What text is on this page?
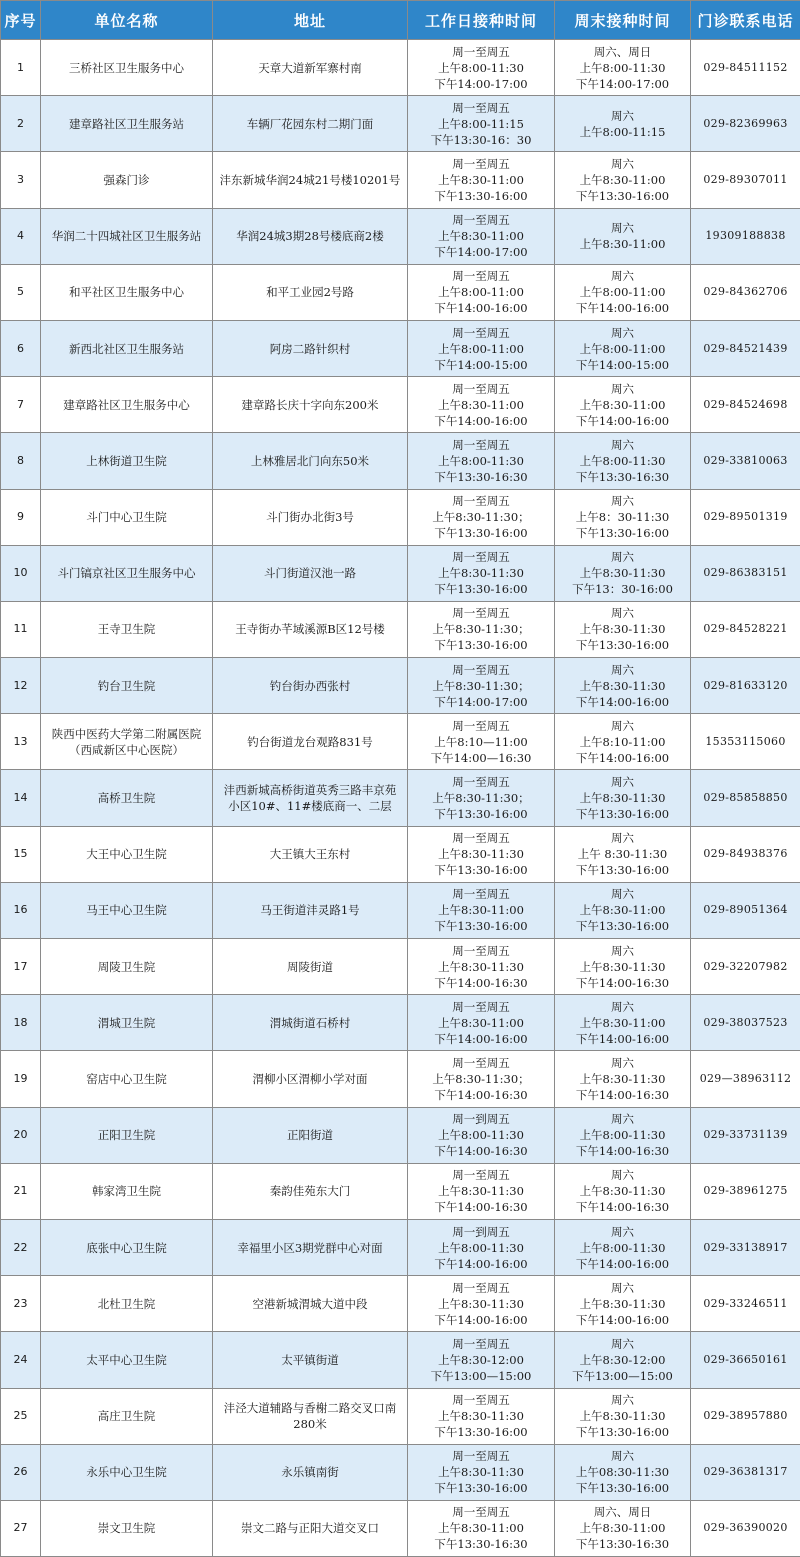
序号	单位名称	地址	工作日接种时间	周末接种时间	门诊联系电话
1	三桥社区卫生服务中心	天章大道新军寨村南	周一至周五
上午8:00-11:30
下午14:00-17:00	周六、周日
上午8:00-11:30
下午14:00-17:00	029-84511152
2	建章路社区卫生服务站	车辆厂花园东村二期门面	周一至周五
上午8:00-11:15
下午13:30-16：30	周六
上午8:00-11:15	029-82369963
3	强森门诊	沣东新城华润24城21号楼10201号	周一至周五
上午8:30-11:00
下午13:30-16:00	周六
上午8:30-11:00
下午13:30-16:00	029-89307011
4	华润二十四城社区卫生服务站	华润24城3期28号楼底商2楼	周一至周五
上午8:30-11:00
下午14:00-17:00	周六
上午8:30-11:00	19309188838
5	和平社区卫生服务中心	和平工业园2号路	周一至周五
上午8:00-11:00
下午14:00-16:00	周六
上午8:00-11:00
下午14:00-16:00	029-84362706
6	新西北社区卫生服务站	阿房二路针织村	周一至周五
上午8:00-11:00
下午14:00-15:00	周六
上午8:00-11:00
下午14:00-15:00	029-84521439
7	建章路社区卫生服务中心	建章路长庆十字向东200米	周一至周五
上午8:30-11:00
下午14:00-16:00	周六
上午8:30-11:00
下午14:00-16:00	029-84524698
8	上林街道卫生院	上林雅居北门向东50米	周一至周五
上午8:00-11:30
下午13:30-16:30	周六
上午8:00-11:30
下午13:30-16:30	029-33810063
9	斗门中心卫生院	斗门街办北街3号	周一至周五
上午8:30-11:30；
下午13:30-16:00	周六
上午8：30-11:30
下午13:30-16:00	029-89501319
10	斗门镐京社区卫生服务中心	斗门街道汉池一路	周一至周五
上午8:30-11:30
下午13:30-16:00	周六
上午8:30-11:30
下午13：30-16:00	029-86383151
11	王寺卫生院	王寺街办芊域溪源B区12号楼	周一至周五
上午8:30-11:30；
下午13:30-16:00	周六
上午8:30-11:30
下午13:30-16:00	029-84528221
12	钓台卫生院	钓台街办西张村	周一至周五
上午8:30-11:30；
下午14:00-17:00	周六
上午8:30-11:30
下午14:00-16:00	029-81633120
13	陕西中医药大学第二附属医院
（西咸新区中心医院）	钓台街道龙台观路831号	周一至周五
上午8:10—11:00
下午14:00—16:30	周六
上午8:10-11:00
下午14:00-16:00	15353115060
14	高桥卫生院	沣西新城高桥街道英秀三路丰京苑
小区10#、11#楼底商一、二层	周一至周五
上午8:30-11:30；
下午13:30-16:00	周六
上午8:30-11:30
下午13:30-16:00	029-85858850
15	大王中心卫生院	大王镇大王东村	周一至周五
上午8:30-11:30
下午13:30-16:00	周六
上午 8:30-11:30
下午13:30-16:00	029-84938376
16	马王中心卫生院	马王街道沣灵路1号	周一至周五
上午8:30-11:00
下午13:30-16:00	周六
上午8:30-11:00
下午13:30-16:00	029-89051364
17	周陵卫生院	周陵街道	周一至周五
上午8:30-11:30
下午14:00-16:30	周六
上午8:30-11:30
下午14:00-16:30	029-32207982
18	渭城卫生院	渭城街道石桥村	周一至周五
上午8:30-11:00
下午14:00-16:00	周六
上午8:30-11:00
下午14:00-16:00	029-38037523
19	窑店中心卫生院	渭柳小区渭柳小学对面	周一至周五
上午8:30-11:30；
下午14:00-16:30	周六
上午8:30-11:30
下午14:00-16:30	029—38963112
20	正阳卫生院	正阳街道	周一到周五
上午8:00-11:30
下午14:00-16:30	周六
上午8:00-11:30
下午14:00-16:30	029-33731139
21	韩家湾卫生院	秦韵佳苑东大门	周一至周五
上午8:30-11:30
下午14:00-16:30	周六
上午8:30-11:30
下午14:00-16:30	029-38961275
22	底张中心卫生院	幸福里小区3期党群中心对面	周一到周五
上午8:00-11:30
下午14:00-16:00	周六
上午8:00-11:30
下午14:00-16:00	029-33138917
23	北杜卫生院	空港新城渭城大道中段	周一至周五
上午8:30-11:30
下午14:00-16:00	周六
上午8:30-11:30
下午14:00-16:00	029-33246511
24	太平中心卫生院	太平镇街道	周一至周五
上午8:30-12:00
下午13:00—15:00	周六
上午8:30-12:00
下午13:00—15:00	029-36650161
25	高庄卫生院	沣泾大道辅路与香榭二路交叉口南
280米	周一至周五
上午8:30-11:30
下午13:30-16:00	周六
上午8:30-11:30
下午13:30-16:00	029-38957880
26	永乐中心卫生院	永乐镇南街	周一至周五
上午8:30-11:30
下午13:30-16:00	周六
上午08:30-11:30
下午13:30-16:00	029-36381317
27	崇文卫生院	崇文二路与正阳大道交叉口	周一至周五
上午8:30-11:00
下午13:30-16:30	周六、周日
上午8:30-11:00
下午13:30-16:30	029-36390020
